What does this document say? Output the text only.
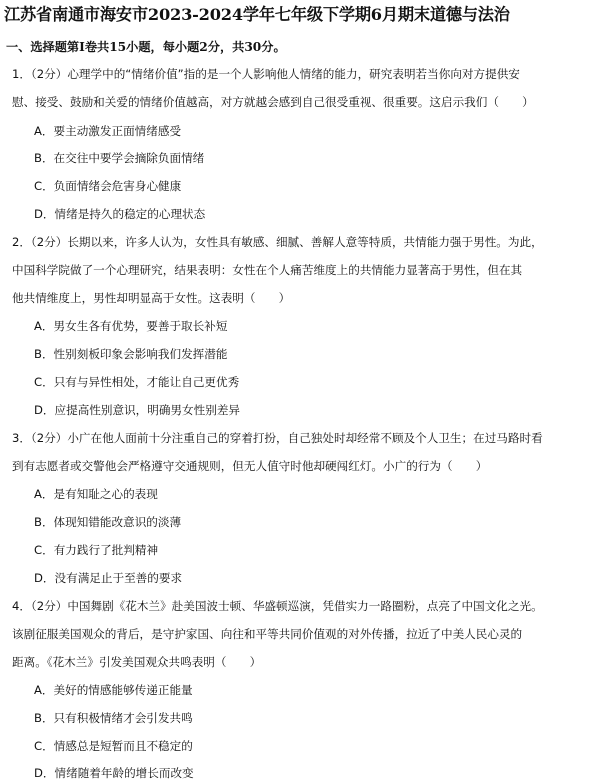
江苏省南通市海安市2023-2024学年七年级下学期6月期末道德与法治
一、选择题第I卷共15小题，每小题2分，共30分。
1．（2分）心理学中的“情绪价值”指的是一个人影响他人情绪的能力，研究表明若当你向对方提供安
慰、接受、鼓励和关爱的情绪价值越高，对方就越会感到自己很受重视、很重要。这启示我们（　　）
A．要主动激发正面情绪感受
B．在交往中要学会摘除负面情绪
C．负面情绪会危害身心健康
D．情绪是持久的稳定的心理状态
2．（2分）长期以来，许多人认为，女性具有敏感、细腻、善解人意等特质，共情能力强于男性。为此，
中国科学院做了一个心理研究，结果表明：女性在个人痛苦维度上的共情能力显著高于男性，但在其
他共情维度上，男性却明显高于女性。这表明（　　）
A．男女生各有优势，要善于取长补短
B．性别刻板印象会影响我们发挥潜能
C．只有与异性相处，才能让自己更优秀
D．应提高性别意识，明确男女性别差异
3．（2分）小广在他人面前十分注重自己的穿着打扮，自己独处时却经常不顾及个人卫生；在过马路时看
到有志愿者或交警他会严格遵守交通规则，但无人值守时他却硬闯红灯。小广的行为（　　）
A．是有知耻之心的表现
B．体现知错能改意识的淡薄
C．有力践行了批判精神
D．没有满足止于至善的要求
4．（2分）中国舞剧《花木兰》赴美国波士顿、华盛顿巡演，凭借实力一路圈粉，点亮了中国文化之光。
该剧征服美国观众的背后，是守护家国、向往和平等共同价值观的对外传播，拉近了中美人民心灵的
距离。《花木兰》引发美国观众共鸣表明（　　）
A．美好的情感能够传递正能量
B．只有积极情绪才会引发共鸣
C．情感总是短暂而且不稳定的
D．情绪随着年龄的增长而改变
